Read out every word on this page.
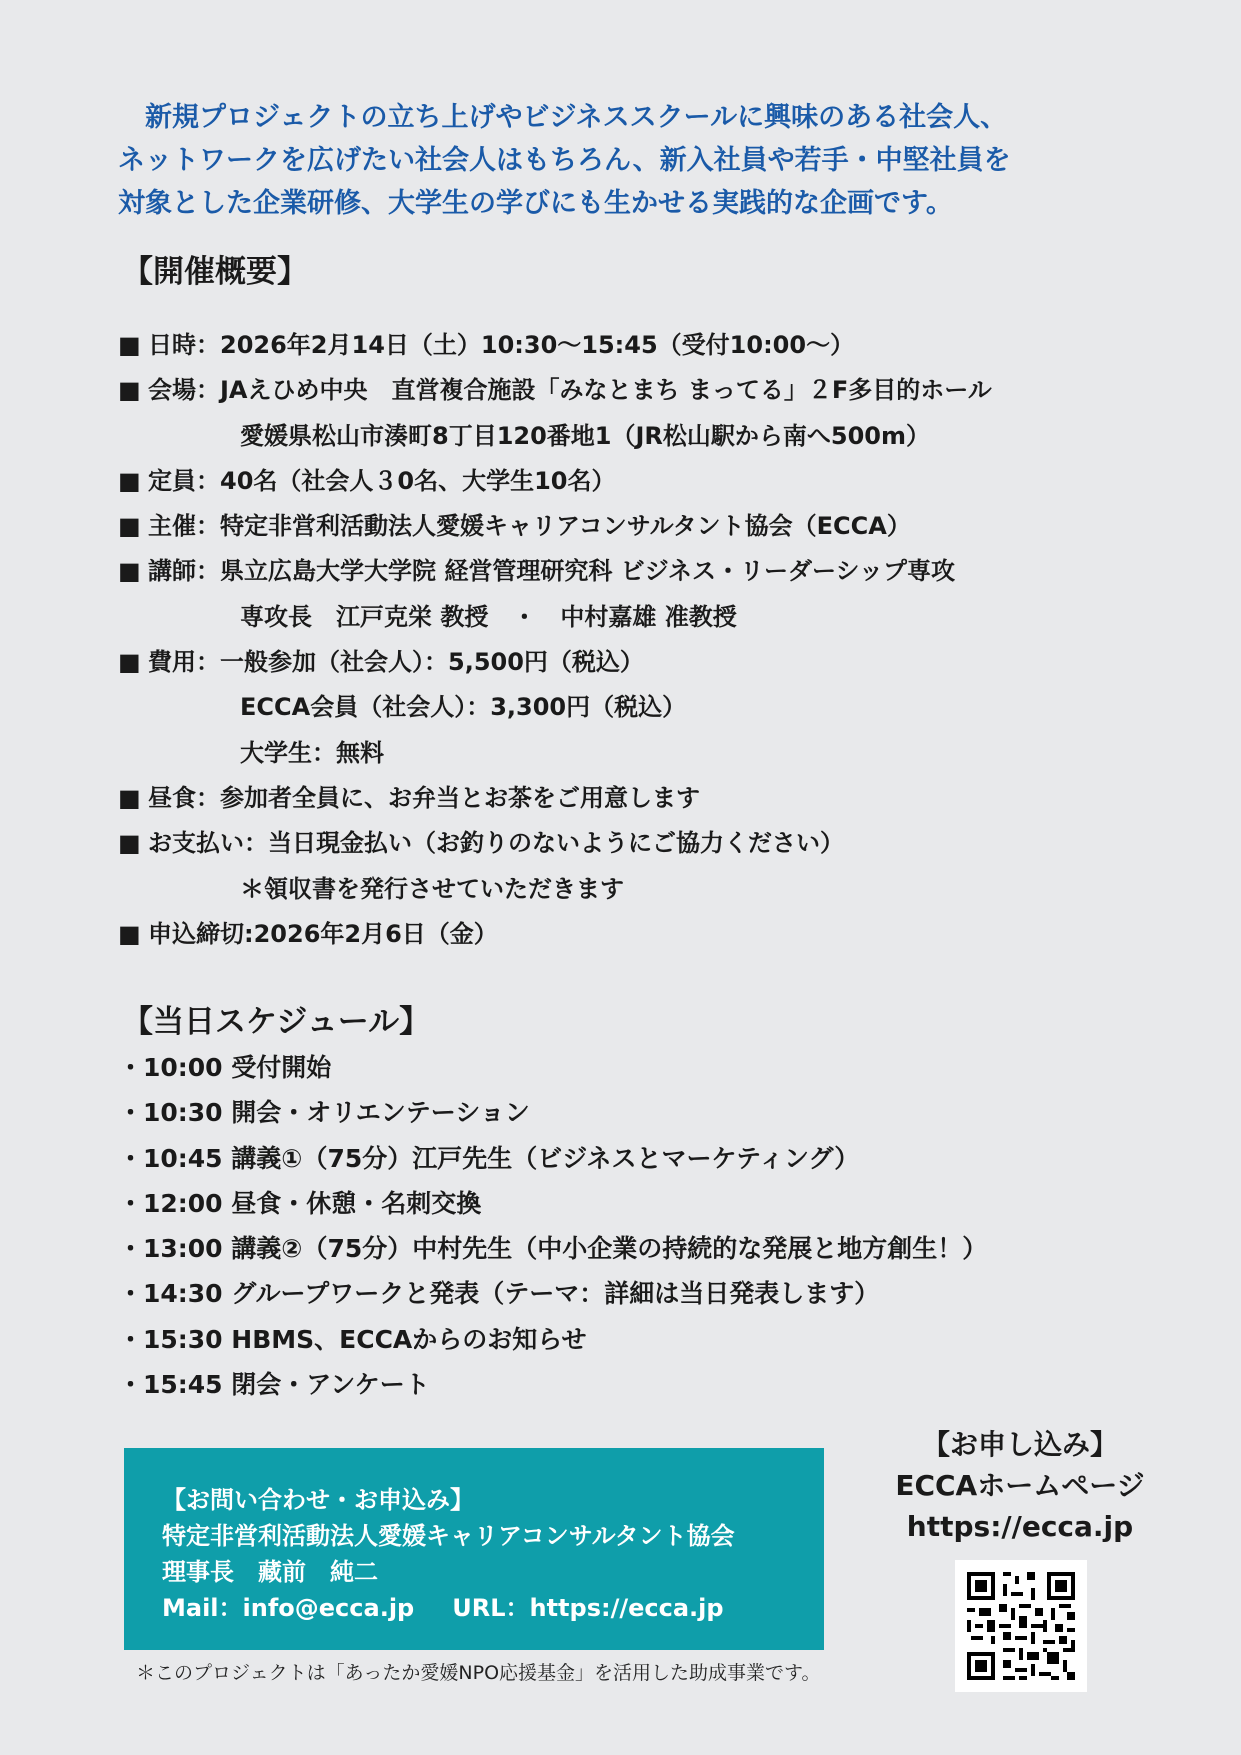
　新規プロジェクトの立ち上げやビジネススクールに興味のある社会人、

ネットワークを広げたい社会人はもちろん、新入社員や若手・中堅社員を

対象とした企業研修、大学生の学びにも生かせる実践的な企画です。

【開催概要】
■ 日時： 2026年2月14日（土）10:30〜15:45（受付10:00〜）
■ 会場： JAえひめ中央　直営複合施設「みなとまち まってる」２F多目的ホール
愛媛県松山市湊町8丁目120番地1（JR松山駅から南へ500m）
■ 定員： 40名（社会人３0名、大学生10名）
■ 主催： 特定非営利活動法人愛媛キャリアコンサルタント協会（ECCA）
■ 講師： 県立広島大学大学院 経営管理研究科 ビジネス・リーダーシップ専攻
専攻長　江戸克栄 教授　・　中村嘉雄 准教授
■ 費用： 一般参加（社会人）：5,500円（税込）
ECCA会員（社会人）：3,300円（税込）
大学生：無料
■ 昼食： 参加者全員に、お弁当とお茶をご用意します
■ お支払い： 当日現金払い（お釣りのないようにご協力ください）
＊領収書を発行させていただきます
■ 申込締切: 2026年2月6日（金）
【当日スケジュール】
・10:00 受付開始
・10:30 開会・オリエンテーション
・10:45 講義①（75分）江戸先生（ビジネスとマーケティング）
・12:00 昼食・休憩・名刺交換
・13:00 講義②（75分）中村先生（中小企業の持続的な発展と地方創生！）
・14:30 グループワークと発表（テーマ：詳細は当日発表します）
・15:30 HBMS、ECCAからのお知らせ
・15:45 閉会・アンケート
【お問い合わせ・お申込み】
特定非営利活動法人愛媛キャリアコンサルタント協会
理事長　藏前　純二
Mail：info@ecca.jp URL：https://ecca.jp
【お申し込み】
ECCAホームページ
https://ecca.jp
＊このプロジェクトは「あったか愛媛NPO応援基金」を活用した助成事業です。
